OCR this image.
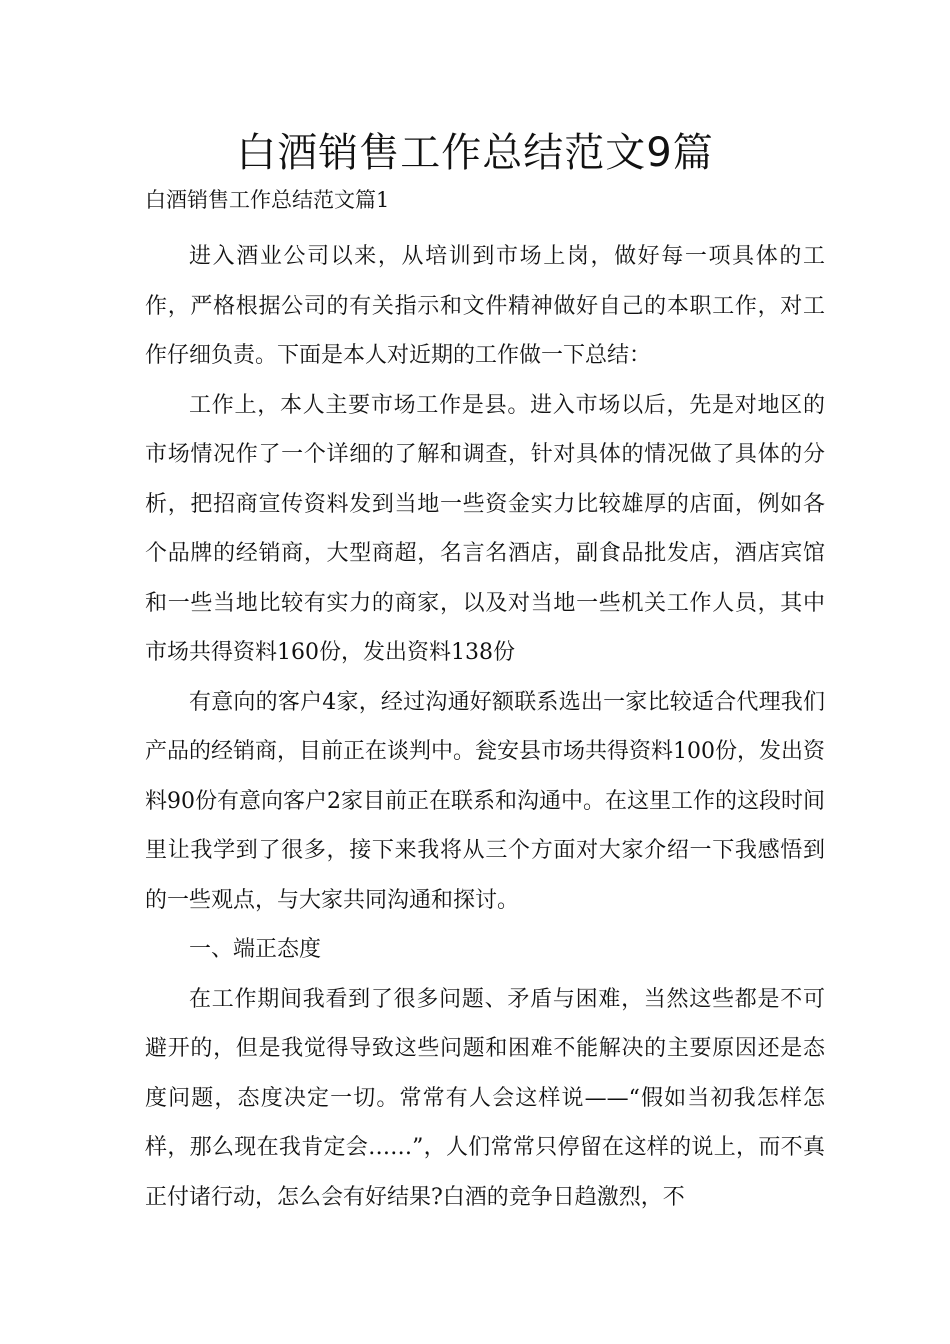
白酒销售工作总结范文9篇
白酒销售工作总结范文篇1

进入酒业公司以来，从培训到市场上岗，做好每一项具体的工作，严格根据公司的有关指示和文件精神做好自己的本职工作，对工作仔细负责。下面是本人对近期的工作做一下总结：

工作上，本人主要市场工作是县。进入市场以后，先是对地区的市场情况作了一个详细的了解和调查，针对具体的情况做了具体的分析，把招商宣传资料发到当地一些资金实力比较雄厚的店面，例如各个品牌的经销商，大型商超，名言名酒店，副食品批发店，酒店宾馆和一些当地比较有实力的商家，以及对当地一些机关工作人员，其中市场共得资料160份，发出资料138份

有意向的客户4家，经过沟通好额联系选出一家比较适合代理我们产品的经销商，目前正在谈判中。瓮安县市场共得资料100份，发出资料90份有意向客户2家目前正在联系和沟通中。在这里工作的这段时间里让我学到了很多，接下来我将从三个方面对大家介绍一下我感悟到的一些观点，与大家共同沟通和探讨。

一、端正态度

在工作期间我看到了很多问题、矛盾与困难，当然这些都是不可避开的，但是我觉得导致这些问题和困难不能解决的主要原因还是态度问题，态度决定一切。常常有人会这样说——“假如当初我怎样怎样，那么现在我肯定会……”，人们常常只停留在这样的说上，而不真正付诸行动，怎么会有好结果?白酒的竞争日趋激烈，不
